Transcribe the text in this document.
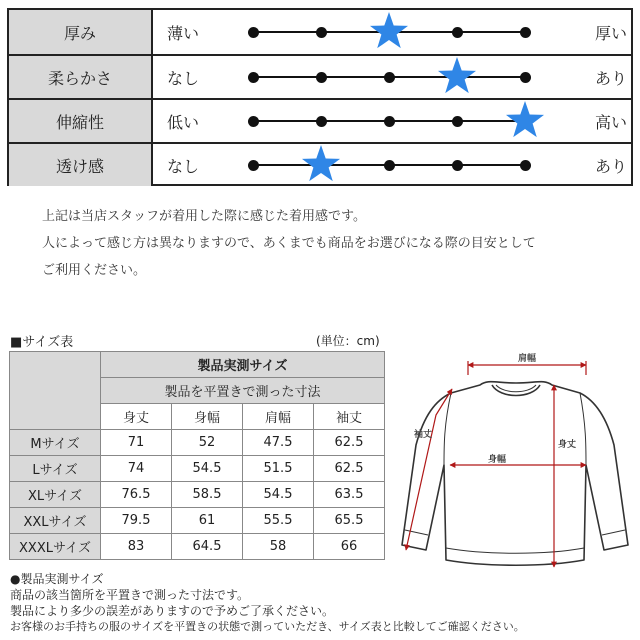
厚み	薄い	厚い
柔らかさ	なし	あり
伸縮性	低い	高い
透け感	なし	あり
上記は当店スタッフが着用した際に感じた着用感です。
人によって感じ方は異なりますので、あくまでも商品をお選びになる際の目安として
ご利用ください。
■サイズ表	(単位：cm)
	製品実測サイズ			
	製品を平置きで測った寸法			
	身丈	身幅	肩幅	袖丈
Mサイズ	71	52	47.5	62.5
Lサイズ	74	54.5	51.5	62.5
XLサイズ	76.5	58.5	54.5	63.5
XXLサイズ	79.5	61	55.5	65.5
XXXLサイズ	83	64.5	58	66
肩幅
袖丈
身丈
身幅
●製品実測サイズ
商品の該当箇所を平置きで測った寸法です。
製品により多少の誤差がありますので予めご了承ください。
お客様のお手持ちの服のサイズを平置きの状態で測っていただき、サイズ表と比較してご確認ください。
